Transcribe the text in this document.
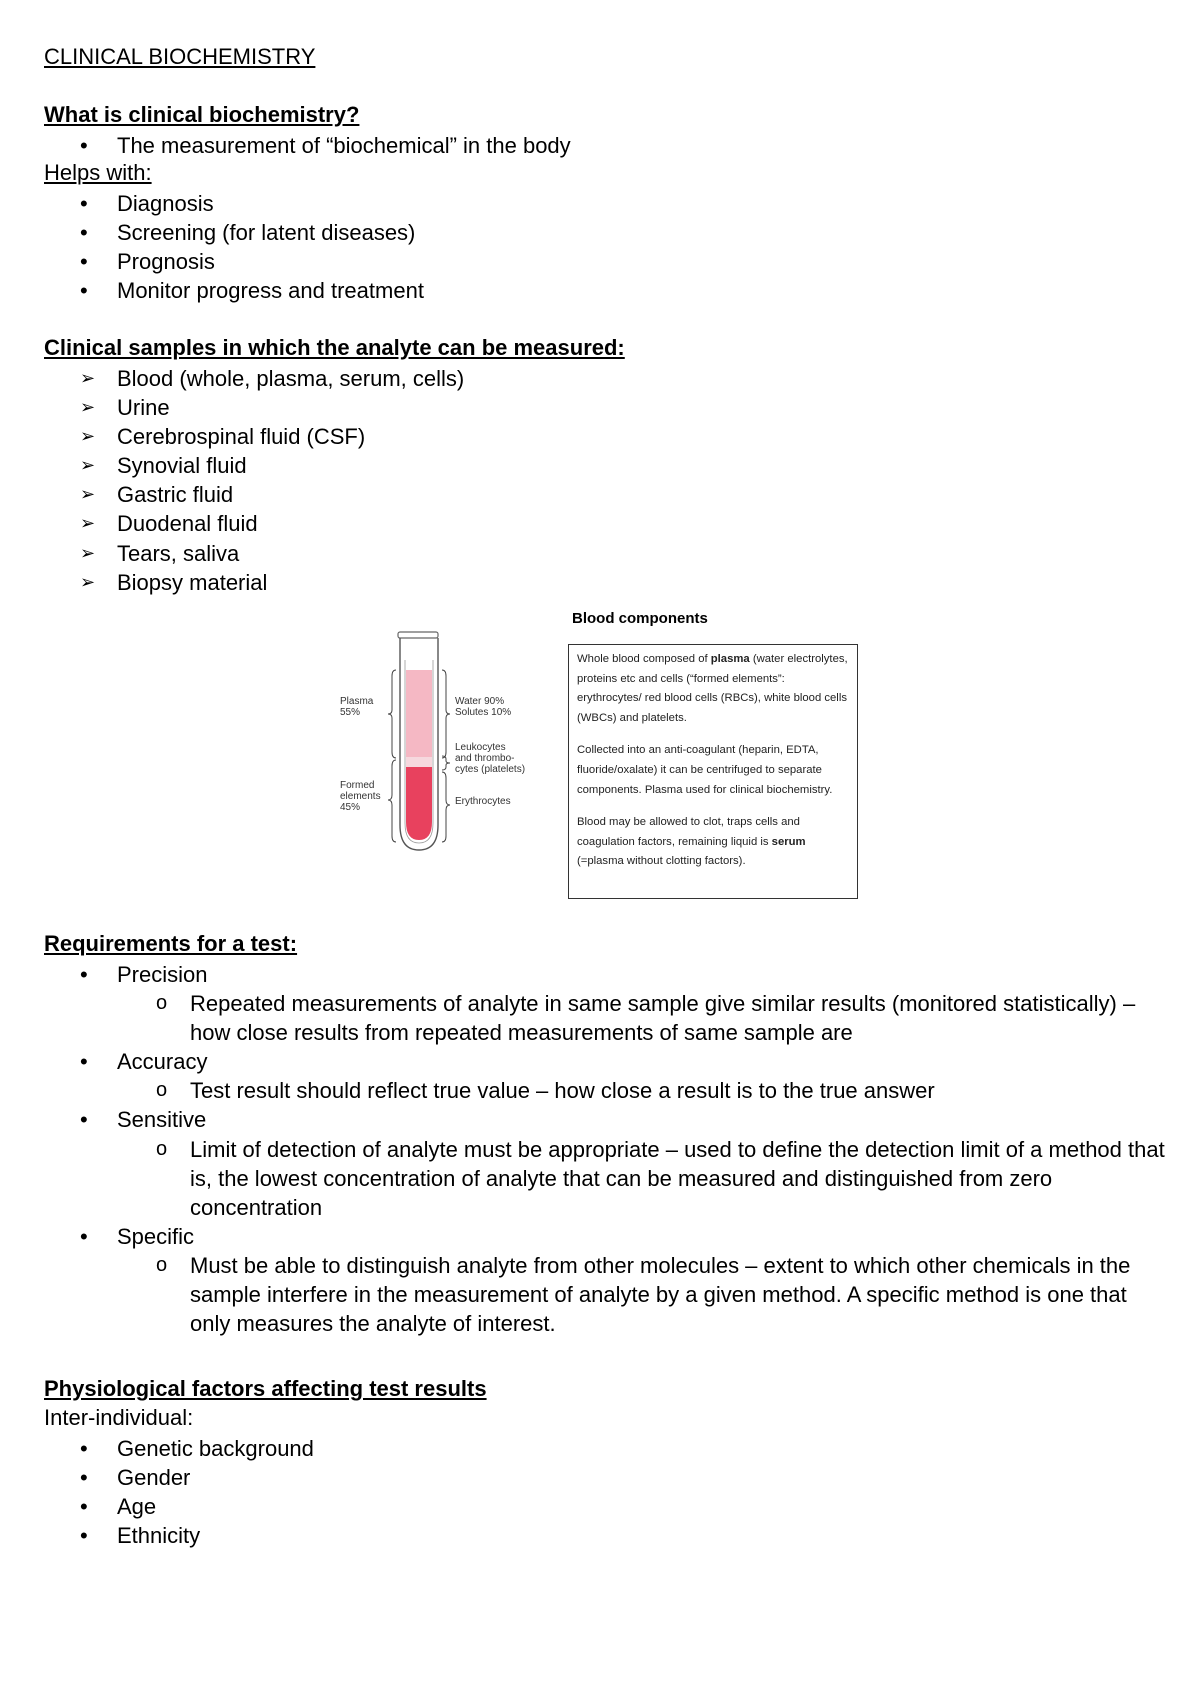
CLINICAL BIOCHEMISTRY
What is clinical biochemistry?
• The measurement of “biochemical” in the body
Helps with:
• Diagnosis
• Screening (for latent diseases)
• Prognosis
• Monitor progress and treatment
Clinical samples in which the analyte can be measured:
➢ Blood (whole, plasma, serum, cells)
➢ Urine
➢ Cerebrospinal fluid (CSF)
➢ Synovial fluid
➢ Gastric fluid
➢ Duodenal fluid
➢ Tears, saliva
➢ Biopsy material
Plasma
55%
Formed
elements
45%
Water 90%
Solutes 10%
Leukocytes
and thrombo-
cytes (platelets)
Erythrocytes
Blood components

Whole blood composed of plasma (water electrolytes, proteins etc and cells (“formed elements”: erythrocytes/ red blood cells (RBCs), white blood cells (WBCs) and platelets.

Collected into an anti-coagulant (heparin, EDTA, fluoride/oxalate) it can be centrifuged to separate components. Plasma used for clinical biochemistry.

Blood may be allowed to clot, traps cells and coagulation factors, remaining liquid is serum (=plasma without clotting factors).

Requirements for a test:
• Precision
o Repeated measurements of analyte in same sample give similar results (monitored statistically) – how close results from repeated measurements of same sample are
• Accuracy
o Test result should reflect true value – how close a result is to the true answer
• Sensitive
o Limit of detection of analyte must be appropriate – used to define the detection limit of a method that is, the lowest concentration of analyte that can be measured and distinguished from zero concentration
• Specific
o Must be able to distinguish analyte from other molecules – extent to which other chemicals in the sample interfere in the measurement of analyte by a given method. A specific method is one that only measures the analyte of interest.
Physiological factors affecting test results
Inter-individual:
• Genetic background
• Gender
• Age
• Ethnicity
